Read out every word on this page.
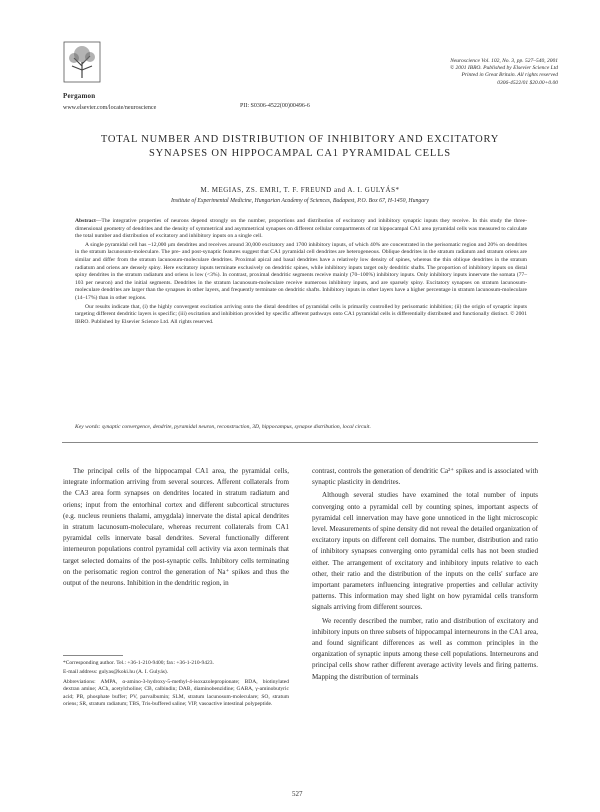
Pergamon
www.elsevier.com/locate/neuroscience	PII: S0306-4522(00)00496-6
Neuroscience Vol. 102, No. 3, pp. 527–540, 2001
© 2001 IBRO. Published by Elsevier Science Ltd
Printed in Great Britain. All rights reserved
0306-4522/01 $20.00+0.00
TOTAL NUMBER AND DISTRIBUTION OF INHIBITORY AND EXCITATORY
SYNAPSES ON HIPPOCAMPAL CA1 PYRAMIDAL CELLS
M. MEGIAS, ZS. EMRI, T. F. FREUND and A. I. GULYÁS*
Institute of Experimental Medicine, Hungarian Academy of Sciences, Budapest, P.O. Box 67, H-1450, Hungary

Abstract—The integrative properties of neurons depend strongly on the number, proportions and distribution of excitatory and inhibitory synaptic inputs they receive. In this study the three-dimensional geometry of dendrites and the density of symmetrical and asymmetrical synapses on different cellular compartments of rat hippocampal CA1 area pyramidal cells was measured to calculate the total number and distribution of excitatory and inhibitory inputs on a single cell.

A single pyramidal cell has ~12,000 μm dendrites and receives around 30,000 excitatory and 1700 inhibitory inputs, of which 40% are concentrated in the perisomatic region and 20% on dendrites in the stratum lacunosum-moleculare. The pre- and post-synaptic features suggest that CA1 pyramidal cell dendrites are heterogeneous. Oblique dendrites in the stratum radiatum and stratum oriens are similar and differ from the stratum lacunosum-moleculare dendrites. Proximal apical and basal dendrites have a relatively low density of spines, whereas the thin oblique dendrites in the stratum radiatum and oriens are densely spiny. Here excitatory inputs terminate exclusively on dendritic spines, while inhibitory inputs target only dendritic shafts. The proportion of inhibitory inputs on distal spiny dendrites in the stratum radiatum and oriens is low (<3%). In contrast, proximal dendritic segments receive mainly (70–100%) inhibitory inputs. Only inhibitory inputs innervate the somata (77–103 per neuron) and the initial segments. Dendrites in the stratum lacunosum-moleculare receive numerous inhibitory inputs, and are sparsely spiny. Excitatory synapses on stratum lacunosum-moleculare dendrites are larger than the synapses in other layers, and frequently terminate on dendritic shafts. Inhibitory inputs in other layers have a higher percentage in stratum lacunosum-moleculare (14–17%) than in other regions.

Our results indicate that, (i) the highly convergent excitation arriving onto the distal dendrites of pyramidal cells is primarily controlled by perisomatic inhibition; (ii) the origin of synaptic inputs targeting different dendritic layers is specific; (iii) excitation and inhibition provided by specific afferent pathways onto CA1 pyramidal cells is differentially distributed and functionally distinct. © 2001 IBRO. Published by Elsevier Science Ltd. All rights reserved.

Key words: synaptic convergence, dendrite, pyramidal neuron, reconstruction, 3D, hippocampus, synapse distribution, local circuit.

The principal cells of the hippocampal CA1 area, the pyramidal cells, integrate information arriving from several sources. Afferent collaterals from the CA3 area form synapses on dendrites located in stratum radiatum and oriens; input from the entorhinal cortex and different subcortical structures (e.g. nucleus reuniens thalami, amygdala) innervate the distal apical dendrites in stratum lacunosum-moleculare, whereas recurrent collaterals from CA1 pyramidal cells innervate basal dendrites. Several functionally different interneuron populations control pyramidal cell activity via axon terminals that target selected domains of the post-synaptic cells. Inhibitory cells terminating on the perisomatic region control the generation of Na⁺ spikes and thus the output of the neurons. Inhibition in the dendritic region, in

contrast, controls the generation of dendritic Ca²⁺ spikes and is associated with synaptic plasticity in dendrites.

Although several studies have examined the total number of inputs converging onto a pyramidal cell by counting spines, important aspects of pyramidal cell innervation may have gone unnoticed in the light microscopic level. Measurements of spine density did not reveal the detailed organization of excitatory inputs on different cell domains. The number, distribution and ratio of inhibitory synapses converging onto pyramidal cells has not been studied either. The arrangement of excitatory and inhibitory inputs relative to each other, their ratio and the distribution of the inputs on the cells' surface are important parameters influencing integrative properties and cellular activity patterns. This information may shed light on how pyramidal cells transform signals arriving from different sources.

We recently described the number, ratio and distribution of excitatory and inhibitory inputs on three subsets of hippocampal interneurons in the CA1 area, and found significant differences as well as common principles in the organization of synaptic inputs among these cell populations. Interneurons and principal cells show rather different average activity levels and firing patterns. Mapping the distribution of terminals

*Corresponding author. Tel.: +36-1-210-9400; fax: +36-1-210-9423.

E-mail address: gulyas@koki.hu (A. I. Gulyás).

Abbreviations: AMPA, α-amino-3-hydroxy-5-methyl-4-isoxazolepropionate; BDA, biotinylated dextran amine; ACh, acetylcholine; CB, calbindin; DAB, diaminobenzidine; GABA, γ-aminobutyric acid; PB, phosphate buffer; PV, parvalbumin; SLM, stratum lacunosum-moleculare; SO, stratum oriens; SR, stratum radiatum; TBS, Tris-buffered saline; VIP, vasoactive intestinal polypeptide.

527
